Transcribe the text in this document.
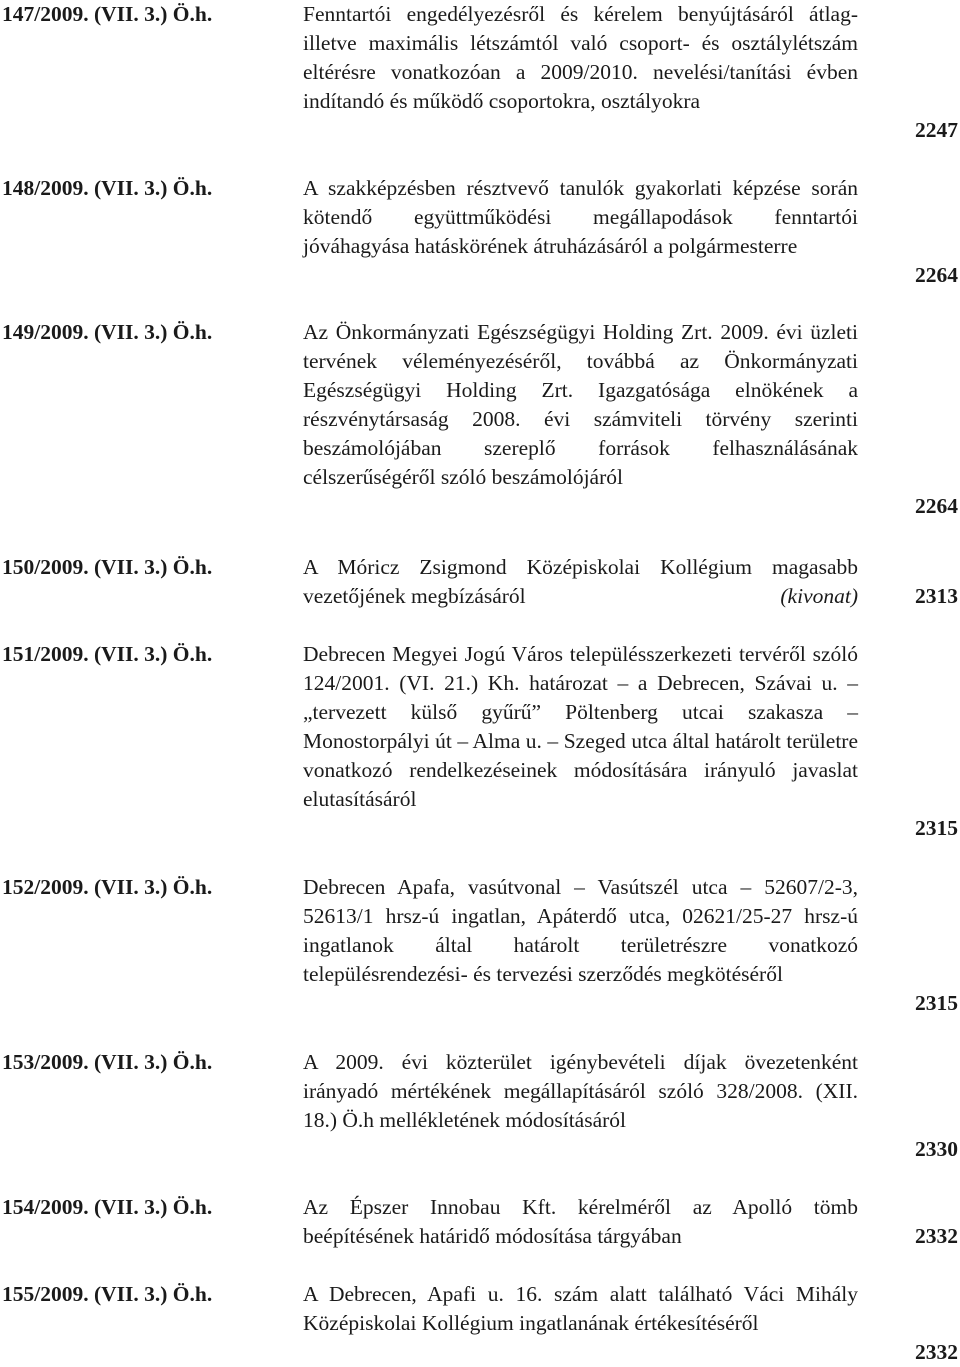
147/2009. (VII. 3.) Ö.h.	Fenntartói engedélyezésről és kérelem benyújtásáról átlag- illetve maximális létszámtól való csoport- és osztálylétszám eltérésre vonatkozóan a 2009/2010. nevelési/tanítási évben indítandó és működő csoportokra, osztályokra
2247
148/2009. (VII. 3.) Ö.h.	A szakképzésben résztvevő tanulók gyakorlati képzése során kötendő együttműködési megállapodások fenntartói jóváhagyása hatáskörének átruházásáról a polgármesterre
2264
149/2009. (VII. 3.) Ö.h.	Az Önkormányzati Egészségügyi Holding Zrt. 2009. évi üzleti tervének véleményezéséről, továbbá az Önkormányzati Egészségügyi Holding Zrt. Igazgatósága elnökének a részvénytársaság 2008. évi számviteli törvény szerinti beszámolójában szereplő források felhasználásának célszerűségéről szóló beszámolójáról
2264
150/2009. (VII. 3.) Ö.h.	A Móricz Zsigmond Középiskolai Kollégium magasabb vezetőjének megbízásáról	(kivonat)	2313
151/2009. (VII. 3.) Ö.h.	Debrecen Megyei Jogú Város településszerkezeti tervéről szóló 124/2001. (VI. 21.) Kh. határozat – a Debrecen, Szávai u. – „tervezett külső gyűrű” Pöltenberg utcai szakasza – Monostorpályi út – Alma u. – Szeged utca által határolt területre vonatkozó rendelkezéseinek módosítására irányuló javaslat elutasításáról
2315
152/2009. (VII. 3.) Ö.h.	Debrecen Apafa, vasútvonal – Vasútszél utca – 52607/2-3, 52613/1 hrsz-ú ingatlan, Apáterdő utca, 02621/25-27 hrsz-ú ingatlanok által határolt területrészre vonatkozó településrendezési- és tervezési szerződés megkötéséről
2315
153/2009. (VII. 3.) Ö.h.	A 2009. évi közterület igénybevételi díjak övezetenként irányadó mértékének megállapításáról szóló 328/2008. (XII. 18.) Ö.h mellékletének módosításáról
2330
154/2009. (VII. 3.) Ö.h.	Az Épszer Innobau Kft. kérelméről az Apolló tömb beépítésének határidő módosítása tárgyában	2332
155/2009. (VII. 3.) Ö.h.	A Debrecen, Apafi u. 16. szám alatt található Váci Mihály Középiskolai Kollégium ingatlanának értékesítéséről
2332
